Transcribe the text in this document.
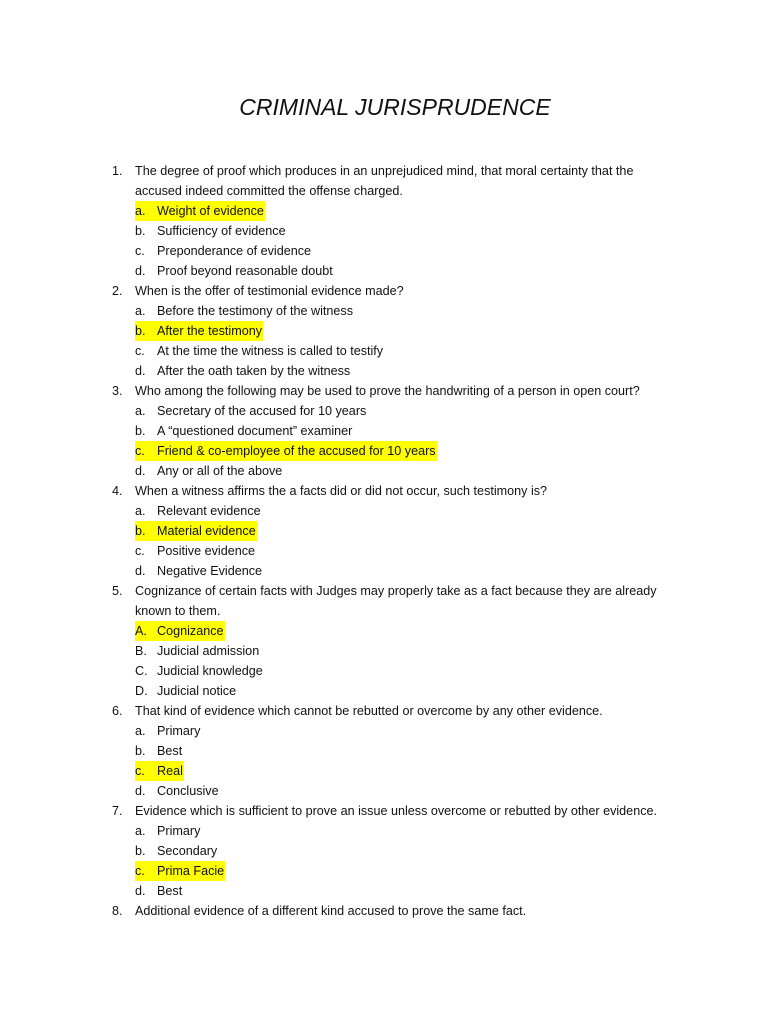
CRIMINAL JURISPRUDENCE
1. The degree of proof which produces in an unprejudiced mind, that moral certainty that the accused indeed committed the offense charged.
a. Weight of evidence
b. Sufficiency of evidence
c. Preponderance of evidence
d. Proof beyond reasonable doubt
2. When is the offer of testimonial evidence made?
a. Before the testimony of the witness
b. After the testimony
c. At the time the witness is called to testify
d. After the oath taken by the witness
3. Who among the following may be used to prove the handwriting of a person in open court?
a. Secretary of the accused for 10 years
b. A “questioned document” examiner
c. Friend & co-employee of the accused for 10 years
d. Any or all of the above
4. When a witness affirms the a facts did or did not occur, such testimony is?
a. Relevant evidence
b. Material evidence
c. Positive evidence
d. Negative Evidence
5. Cognizance of certain facts with Judges may properly take as a fact because they are already known to them.
A. Cognizance
B. Judicial admission
C. Judicial knowledge
D. Judicial notice
6. That kind of evidence which cannot be rebutted or overcome by any other evidence.
a. Primary
b. Best
c. Real
d. Conclusive
7. Evidence which is sufficient to prove an issue unless overcome or rebutted by other evidence.
a. Primary
b. Secondary
c. Prima Facie
d. Best
8. Additional evidence of a different kind accused to prove the same fact.
